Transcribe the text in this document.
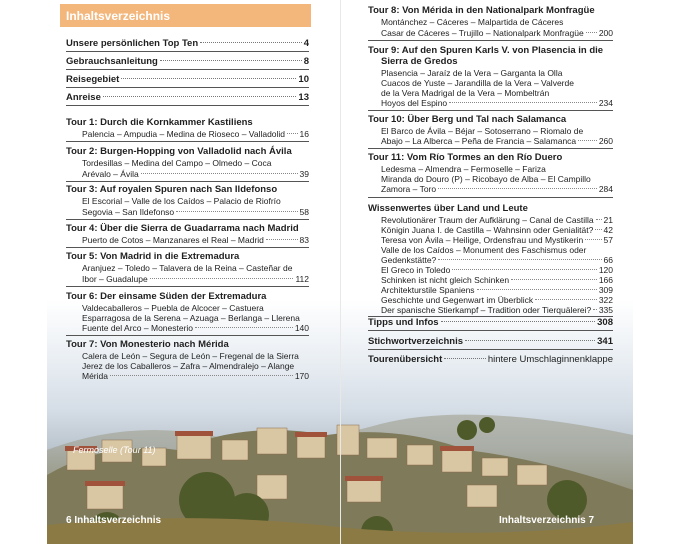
Inhaltsverzeichnis
Unsere persönlichen Top Ten	4
Gebrauchsanleitung	8
Reisegebiet	10
Anreise	13
Tour 1: Durch die Kornkammer Kastiliens
Palencia – Ampudia – Medina de Rioseco – Valladolid 16
Tour 2: Burgen-Hopping von Valladolid nach Ávila
Tordesillas – Medina del Campo – Olmedo – Coca
Arévalo – Ávila	39
Tour 3: Auf royalen Spuren nach San Ildefonso
El Escorial – Valle de los Caídos – Palacio de Riofrío
Segovia – San Ildefonso	58
Tour 4: Über die Sierra de Guadarrama nach Madrid
Puerto de Cotos – Manzanares el Real – Madrid	83
Tour 5: Von Madrid in die Extremadura
Aranjuez – Toledo – Talavera de la Reina – Casteñar de
Ibor – Guadalupe	112
Tour 6: Der einsame Süden der Extremadura
Valdecaballeros – Puebla de Alcocer – Castuera
Esparragosa de la Serena – Azuaga – Berlanga – Llerena
Fuente del Arco – Monesterio	140
Tour 7: Von Monesterio nach Mérida
Calera de León – Segura de León – Fregenal de la Sierra
Jerez de los Caballeros – Zafra – Almendralejo – Alange
Mérida	170
Fermoselle (Tour 11)
6 Inhaltsverzeichnis
Tour 8: Von Mérida in den Nationalpark Monfragüe
Montánchez – Cáceres – Malpartida de Cáceres
Casar de Cáceres – Trujillo – Nationalpark Monfragüe 200
Tour 9: Auf den Spuren Karls V. von Plasencia in die
Sierra de Gredos
Plasencia – Jaraíz de la Vera – Garganta la Olla
Cuacos de Yuste – Jarandilla de la Vera – Valverde
de la Vera Madrigal de la Vera – Mombeltrán
Hoyos del Espino	234
Tour 10: Über Berg und Tal nach Salamanca
El Barco de Ávila – Béjar – Sotoserrano – Riomalo de
Abajo – La Alberca – Peña de Francia – Salamanca	260
Tour 11: Vom Río Tormes an den Río Duero
Ledesma – Almendra – Fermoselle – Fariza
Miranda do Douro (P) – Ricobayo de Alba – El Campillo
Zamora – Toro	284
Wissenwertes über Land und Leute
Revolutionärer Traum der Aufklärung – Canal de Castilla 21
Königin Juana I. de Castilla – Wahnsinn oder Genialität? 42
Teresa von Ávila – Heilige, Ordensfrau und Mystikerin 57
Valle de los Caídos – Monument des Faschismus oder
Gedenkstätte?	66
El Greco in Toledo	120
Schinken ist nicht gleich Schinken	166
Architekturstile Spaniens	309
Geschichte und Gegenwart im Überblick	322
Der spanische Stierkampf – Tradition oder Tierquälerei? 335
Tipps und Infos	308
Stichwortverzeichnis	341
Tourenübersicht	hintere Umschlaginnenklappe
Inhaltsverzeichnis 7
